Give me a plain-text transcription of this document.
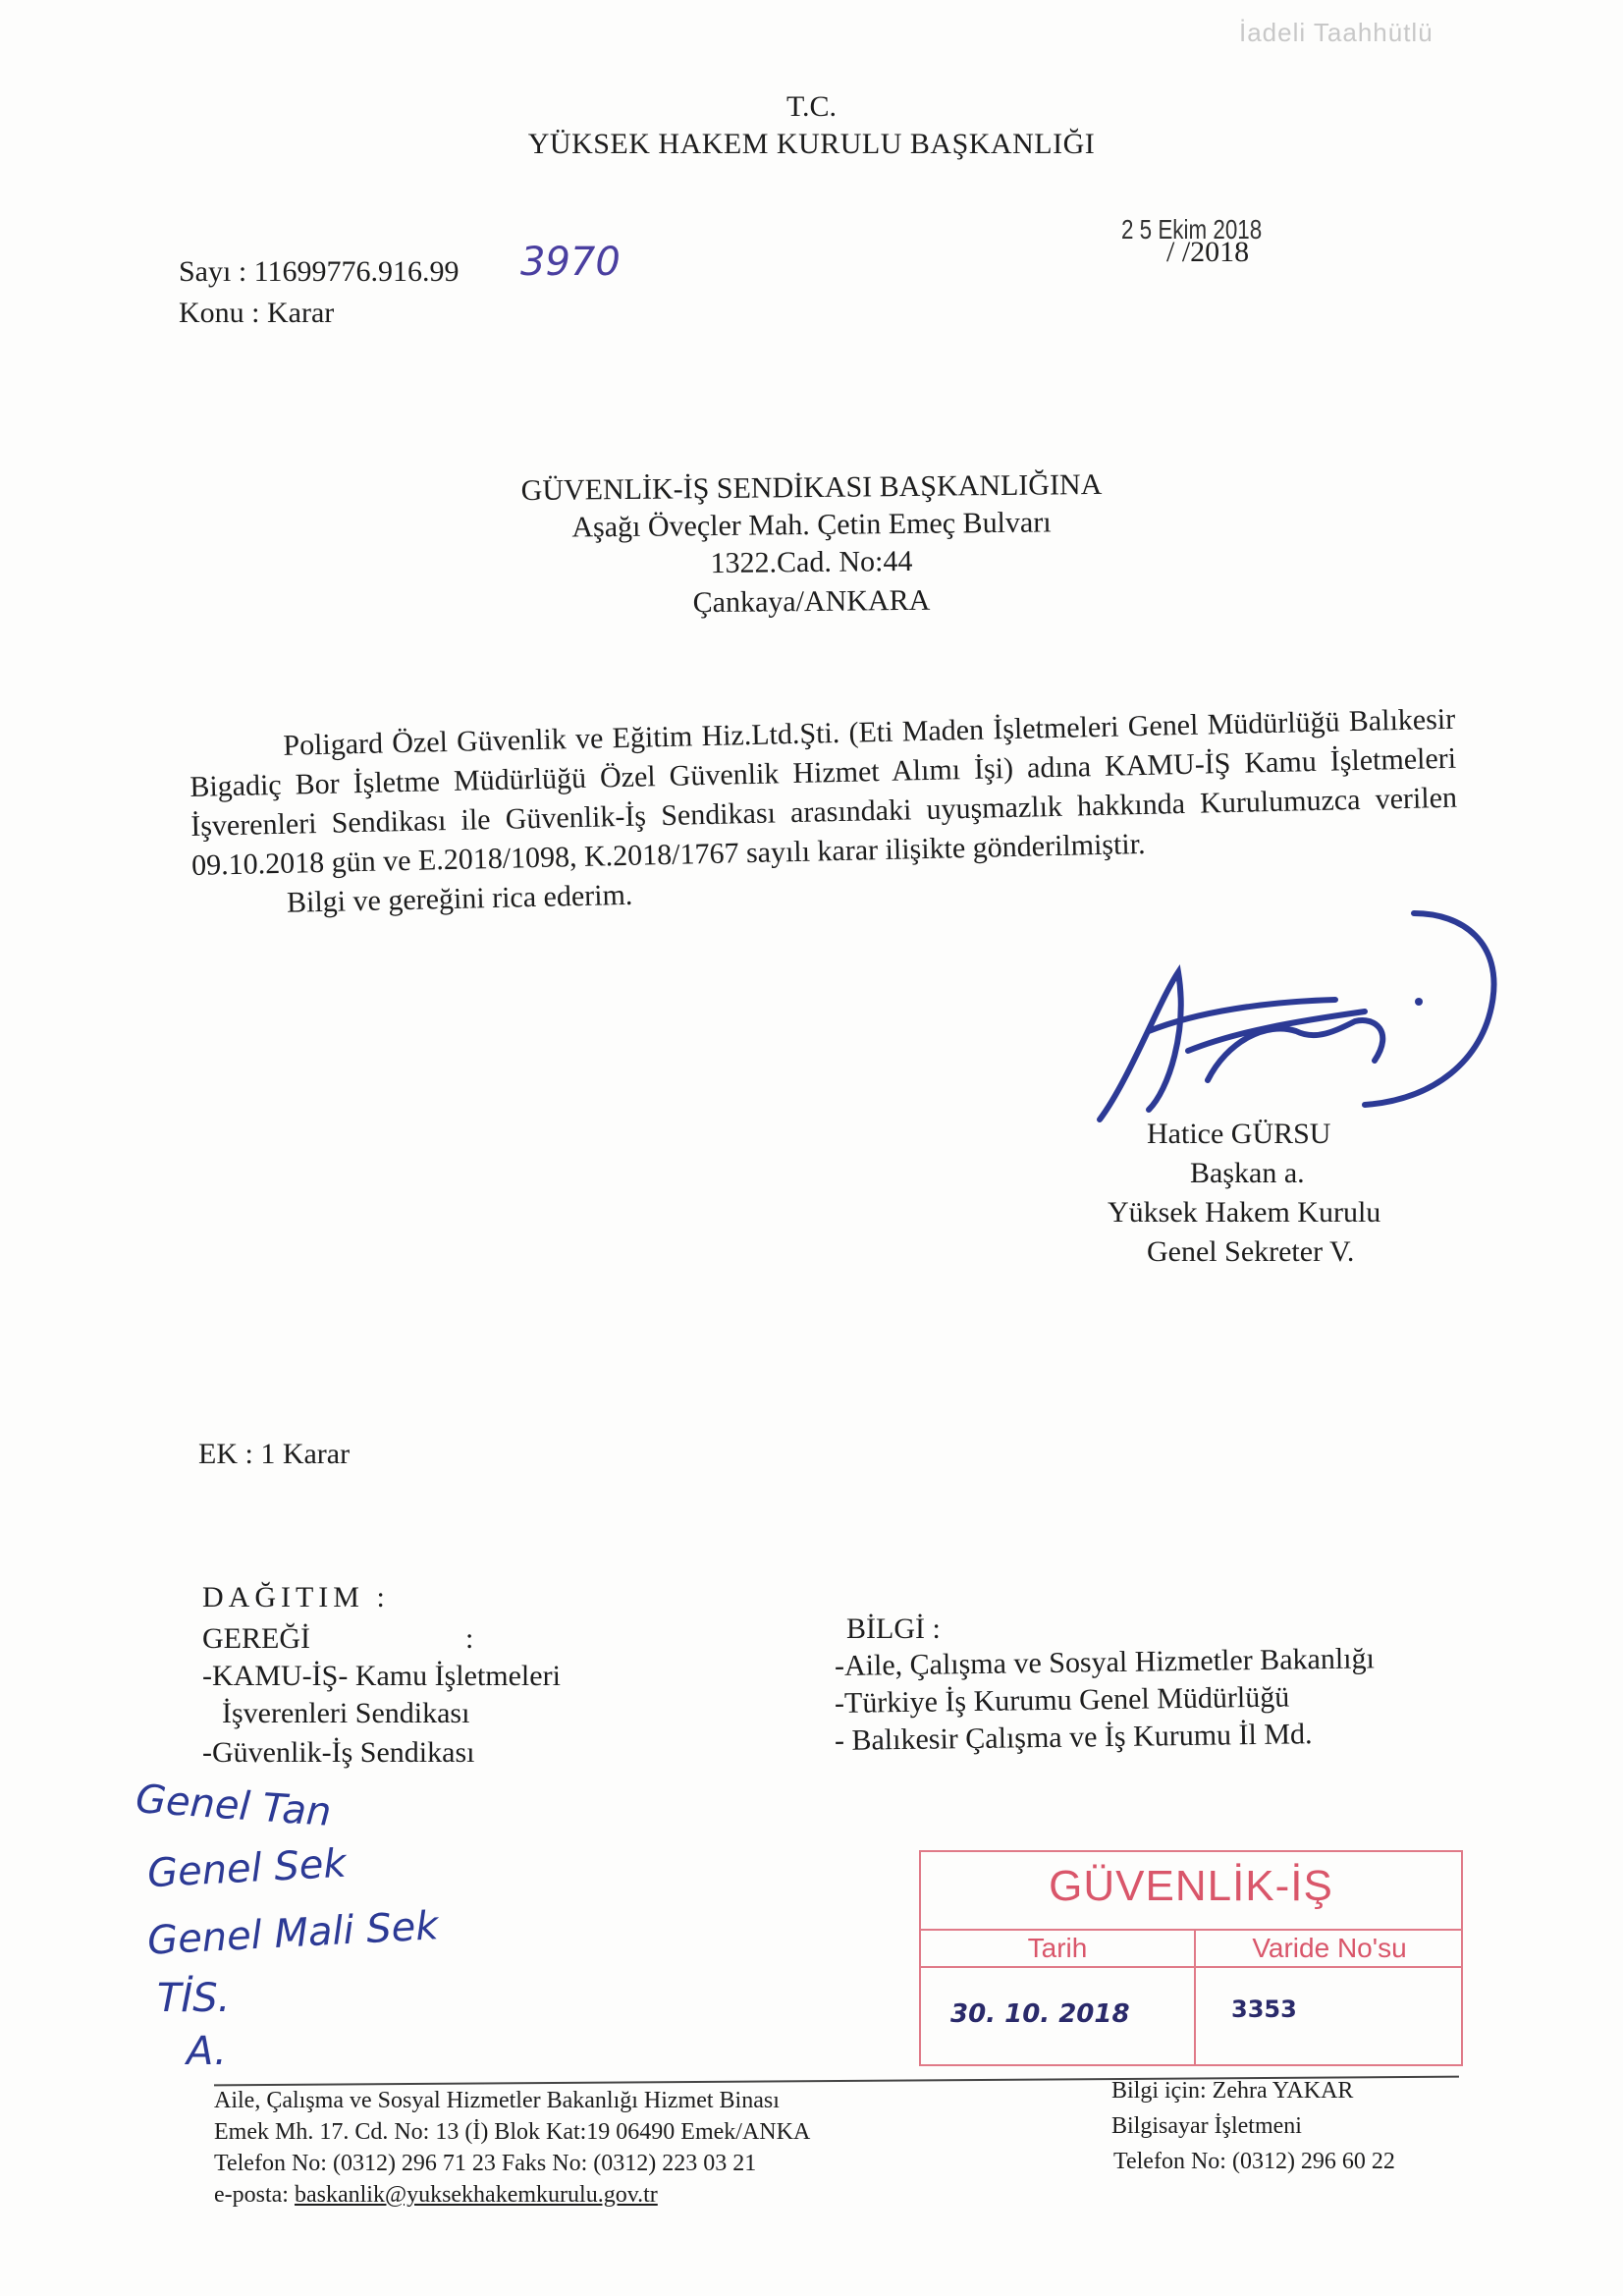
İadeli Taahhütlü
T.C.
YÜKSEK HAKEM KURULU BAŞKANLIĞI
2 5 Ekim 2018
/ /2018
Sayı : 11699776.916.99 3970
Konu : Karar
GÜVENLİK-İŞ SENDİKASI BAŞKANLIĞINA
Aşağı Öveçler Mah. Çetin Emeç Bulvarı
1322.Cad. No:44
Çankaya/ANKARA

Poligard Özel Güvenlik ve Eğitim Hiz.Ltd.Şti. (Eti Maden İşletmeleri Genel Müdürlüğü Balıkesir Bigadiç Bor İşletme Müdürlüğü Özel Güvenlik Hizmet Alımı İşi) adına KAMU-İŞ Kamu İşletmeleri İşverenleri Sendikası ile Güvenlik-İş Sendikası arasındaki uyuşmazlık hakkında Kurulumuzca verilen 09.10.2018 gün ve E.2018/1098, K.2018/1767 sayılı karar ilişikte gönderilmiştir.

Bilgi ve gereğini rica ederim.

Hatice GÜRSU
Başkan a.
Yüksek Hakem Kurulu
Genel Sekreter V.
EK : 1 Karar
DAĞITIM :
GEREĞİ	:
-KAMU-İŞ- Kamu İşletmeleri
İşverenleri Sendikası
-Güvenlik-İş Sendikası
BİLGİ :
-Aile, Çalışma ve Sosyal Hizmetler Bakanlığı
-Türkiye İş Kurumu Genel Müdürlüğü
- Balıkesir Çalışma ve İş Kurumu İl Md.
Genel Tan
Genel Sek
Genel Mali Sek
TİS.
A.
GÜVENLİK-İŞ
Tarih	Varide No'su
30. 10. 2018	3353
Aile, Çalışma ve Sosyal Hizmetler Bakanlığı Hizmet Binası
Emek Mh. 17. Cd. No: 13 (İ) Blok Kat:19 06490 Emek/ANKA
Telefon No: (0312) 296 71 23 Faks No: (0312) 223 03 21
e-posta: baskanlik@yuksekhakemkurulu.gov.tr
Bilgi için: Zehra YAKAR
Bilgisayar İşletmeni
Telefon No: (0312) 296 60 22
